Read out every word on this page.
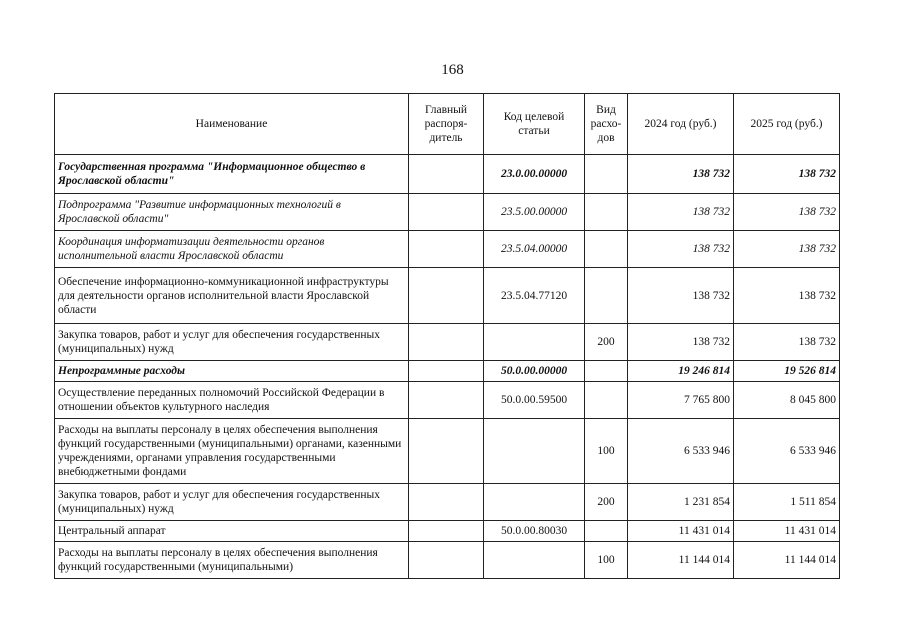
168
Наименование	Главный распоря-дитель	Код целевой статьи	Вид расхо-дов	2024 год (руб.)	2025 год (руб.)
Государственная программа "Информационное общество в Ярославской области"		23.0.00.00000		138 732	138 732
Подпрограмма "Развитие информационных технологий в Ярославской области"		23.5.00.00000		138 732	138 732
Координация информатизации деятельности органов исполнительной власти Ярославской области		23.5.04.00000		138 732	138 732
Обеспечение информационно-коммуникационной инфраструктуры для деятельности органов исполнительной власти Ярославской области		23.5.04.77120		138 732	138 732
Закупка товаров, работ и услуг для обеспечения государственных (муниципальных) нужд			200	138 732	138 732
Непрограммные расходы		50.0.00.00000		19 246 814	19 526 814
Осуществление переданных полномочий Российской Федерации в отношении объектов культурного наследия		50.0.00.59500		7 765 800	8 045 800
Расходы на выплаты персоналу в целях обеспечения выполнения функций государственными (муниципальными) органами, казенными учреждениями, органами управления государственными внебюджетными фондами			100	6 533 946	6 533 946
Закупка товаров, работ и услуг для обеспечения государственных (муниципальных) нужд			200	1 231 854	1 511 854
Центральный аппарат		50.0.00.80030		11 431 014	11 431 014
Расходы на выплаты персоналу в целях обеспечения выполнения функций государственными (муниципальными)			100	11 144 014	11 144 014
